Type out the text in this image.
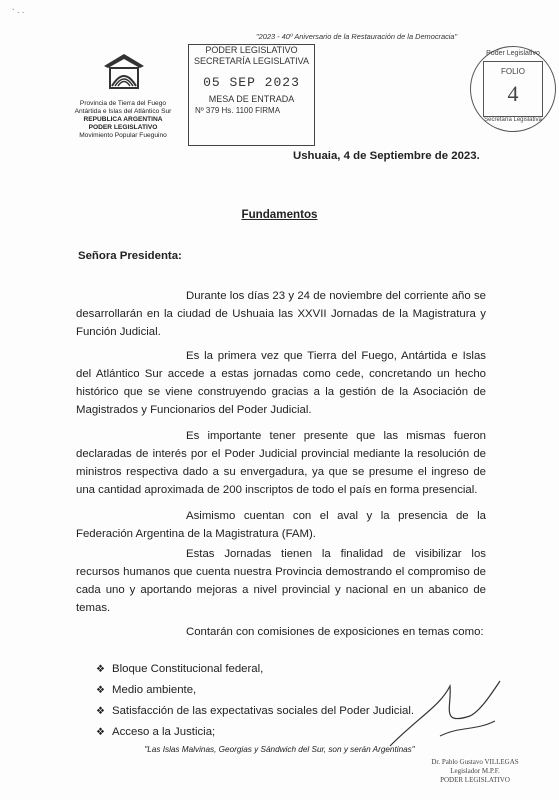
` · ·
Provincia de Tierra del Fuego
Antártida e Islas del Atlántico Sur
REPUBLICA ARGENTINA
PODER LEGISLATIVO
Movimiento Popular Fueguino
"2023 - 40º Aniversario de la Restauración de la Democracia"
PODER LEGISLATIVO
SECRETARÍA LEGISLATIVA
05 SEP 2023
MESA DE ENTRADA
Nº 379 Hs. 1100 FIRMA
Poder Legislativo
FOLIO
4
Secretaría Legislativa
Ushuaia, 4 de Septiembre de 2023.
Fundamentos
Señora Presidenta:
Durante los días 23 y 24 de noviembre del corriente año se desarrollarán en la ciudad de Ushuaia las XXVII Jornadas de la Magistratura y Función Judicial.
Es la primera vez que Tierra del Fuego, Antártida e Islas del Atlántico Sur accede a estas jornadas como cede, concretando un hecho histórico que se viene construyendo gracias a la gestión de la Asociación de Magistrados y Funcionarios del Poder Judicial.
Es importante tener presente que las mismas fueron declaradas de interés por el Poder Judicial provincial mediante la resolución de ministros respectiva dado a su envergadura, ya que se presume el ingreso de una cantidad aproximada de 200 inscriptos de todo el país en forma presencial.
Asimismo cuentan con el aval y la presencia de la Federación Argentina de la Magistratura (FAM).
Estas Jornadas tienen la finalidad de visibilizar los recursos humanos que cuenta nuestra Provincia demostrando el compromiso de cada uno y aportando mejoras a nivel provincial y nacional en un abanico de temas.
Contarán con comisiones de exposiciones en temas como:
❖ Bloque Constitucional federal,
❖ Medio ambiente,
❖ Satisfacción de las expectativas sociales del Poder Judicial.
❖ Acceso a la Justicia;
"Las Islas Malvinas, Georgias y Sándwich del Sur, son y serán Argentinas"
Dr. Pablo Gustavo VILLEGAS
Legislador M.P.F.
PODER LEGISLATIVO
